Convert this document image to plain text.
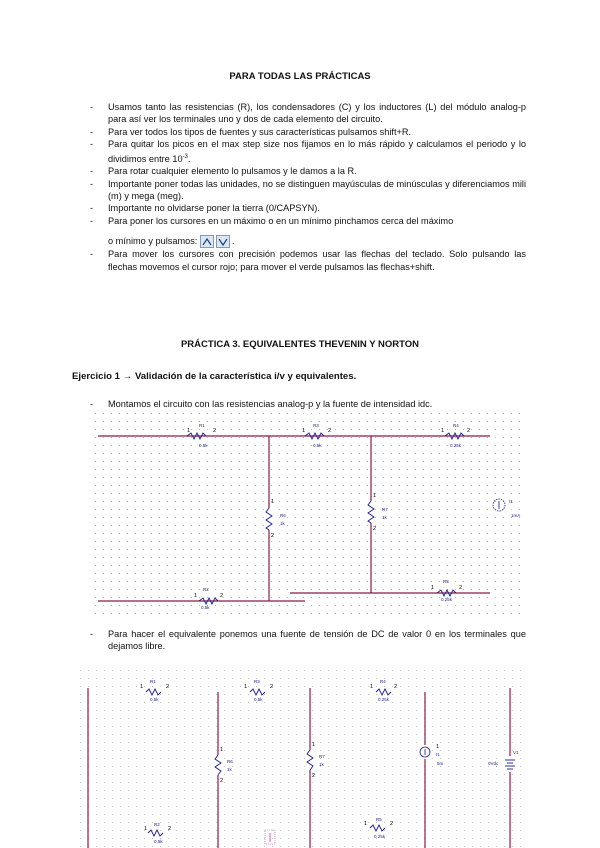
PARA TODAS LAS PRÁCTICAS
- Usamos tanto las resistencias (R), los condensadores (C) y los inductores (L) del módulo analog-p para así ver los terminales uno y dos de cada elemento del circuito.
- Para ver todos los tipos de fuentes y sus características pulsamos shift+R.
- Para quitar los picos en el max step size nos fijamos en lo más rápido y calculamos el periodo y lo dividimos entre $10^{-3}$.
- Para rotar cualquier elemento lo pulsamos y le damos a la R.
- Importante poner todas las unidades, no se distinguen mayúsculas de minúsculas y diferenciamos mili (m) y mega (meg).
- Importante no olvidarse poner la tierra (0/CAPSYN).
- Para poner los cursores en un máximo o en un mínimo pinchamos cerca del máximo
o mínimo y pulsamos:	.
- Para mover los cursores con precisión podemos usar las flechas del teclado. Solo pulsando las flechas movemos el cursor rojo; para mover el verde pulsamos las flechas+shift.
PRÁCTICA 3. EQUIVALENTES THEVENIN Y NORTON
Ejercicio 1 → Validación de la característica i/v y equivalentes.
- Montamos el circuito con las resistencias analog-p y la fuente de intensidad idc.
1	2
R1
0.5k
1	2
R3
0.5k
1	2
R4
0.25k
1
2
R6
1k
1
2
R7
1k
1	2
R2
0.5k
1	2
R5
0.25k
I1
1mA
- Para hacer el equivalente ponemos una fuente de tensión de DC de valor 0 en los terminales que dejamos libre.
1	2
R1
0.5k
1	2
R3
0.5k
1	2
R4
0.25k
1
2
R6
1k
1
2
R7
1k
1
I1
5m
V1
0Vdc
1	2
R2
0.5k
1	2
R5
0.25k
